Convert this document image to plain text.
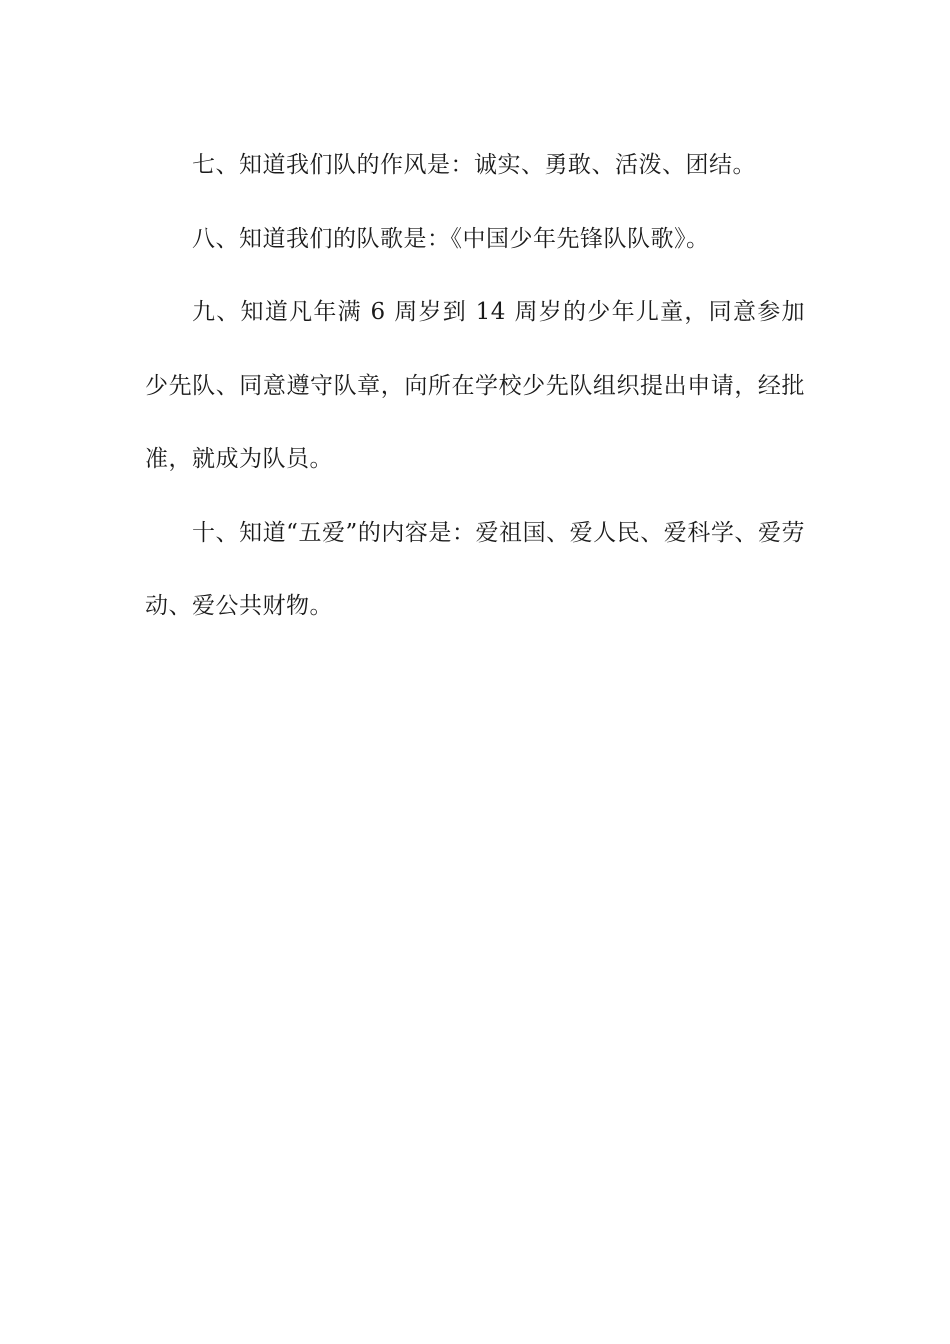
七、知道我们队的作风是：诚实、勇敢、活泼、团结。

八、知道我们的队歌是：《中国少年先锋队队歌》。

九、知道凡年满 6 周岁到 14 周岁的少年儿童，同意参加少先队、同意遵守队章，向所在学校少先队组织提出申请，经批准，就成为队员。

十、知道“五爱”的内容是：爱祖国、爱人民、爱科学、爱劳动、爱公共财物。
